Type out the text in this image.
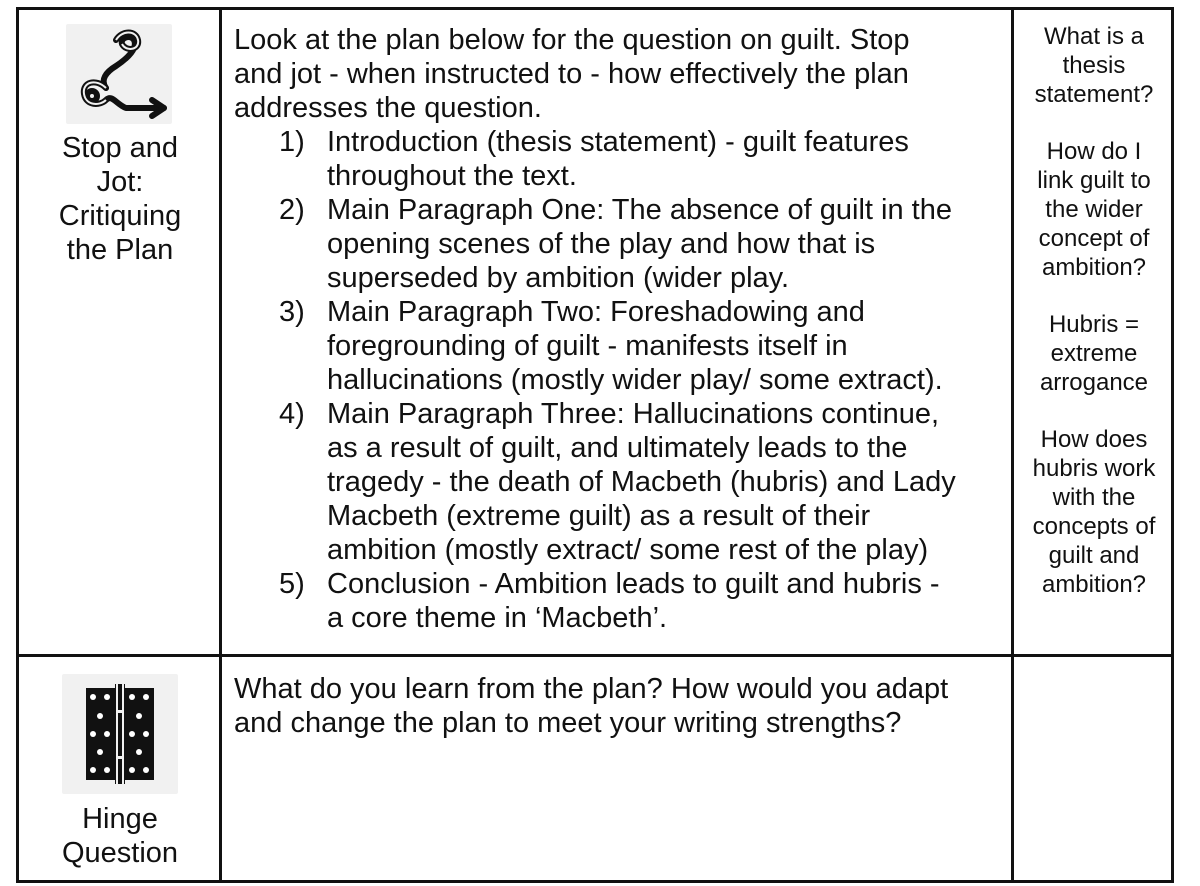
Stop and
Jot:
Critiquing
the Plan

Look at the plan below for the question on guilt. Stop
and jot - when instructed to - how effectively the plan
addresses the question.

1) Introduction (thesis statement) - guilt features
throughout the text.
2) Main Paragraph One: The absence of guilt in the
opening scenes of the play and how that is
superseded by ambition (wider play.
3) Main Paragraph Two: Foreshadowing and
foregrounding of guilt - manifests itself in
hallucinations (mostly wider play/ some extract).
4) Main Paragraph Three: Hallucinations continue,
as a result of guilt, and ultimately leads to the
tragedy - the death of Macbeth (hubris) and Lady
Macbeth (extreme guilt) as a result of their
ambition (mostly extract/ some rest of the play)
5) Conclusion - Ambition leads to guilt and hubris -
a core theme in ‘Macbeth’.

What is a
thesis
statement?

How do I
link guilt to
the wider
concept of
ambition?

Hubris =
extreme
arrogance

How does
hubris work
with the
concepts of
guilt and
ambition?

Hinge
Question

What do you learn from the plan? How would you adapt
and change the plan to meet your writing strengths?
